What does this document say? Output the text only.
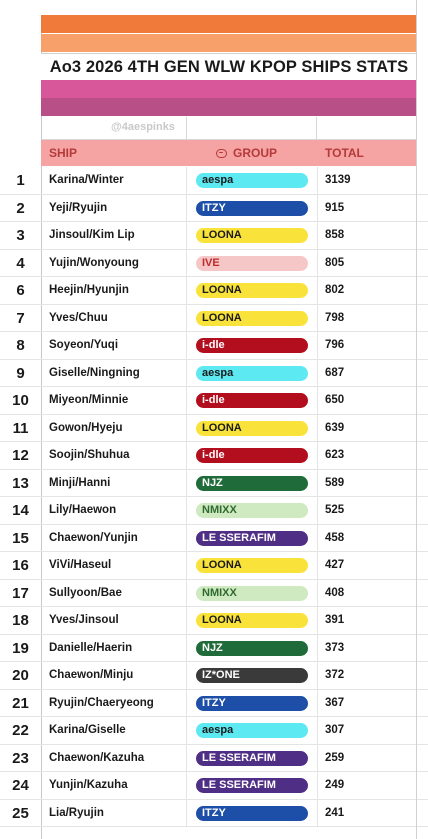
Ao3 2026 4TH GEN WLW KPOP SHIPS STATS
@4aespinks
SHIP	GROUP	TOTAL
1	Karina/Winter	aespa	3139
2	Yeji/Ryujin	ITZY	915
3	Jinsoul/Kim Lip	LOONA	858
4	Yujin/Wonyoung	IVE	805
6	Heejin/Hyunjin	LOONA	802
7	Yves/Chuu	LOONA	798
8	Soyeon/Yuqi	i-dle	796
9	Giselle/Ningning	aespa	687
10	Miyeon/Minnie	i-dle	650
11	Gowon/Hyeju	LOONA	639
12	Soojin/Shuhua	i-dle	623
13	Minji/Hanni	NJZ	589
14	Lily/Haewon	NMIXX	525
15	Chaewon/Yunjin	LE SSERAFIM	458
16	ViVi/Haseul	LOONA	427
17	Sullyoon/Bae	NMIXX	408
18	Yves/Jinsoul	LOONA	391
19	Danielle/Haerin	NJZ	373
20	Chaewon/Minju	IZ*ONE	372
21	Ryujin/Chaeryeong	ITZY	367
22	Karina/Giselle	aespa	307
23	Chaewon/Kazuha	LE SSERAFIM	259
24	Yunjin/Kazuha	LE SSERAFIM	249
25	Lia/Ryujin	ITZY	241
